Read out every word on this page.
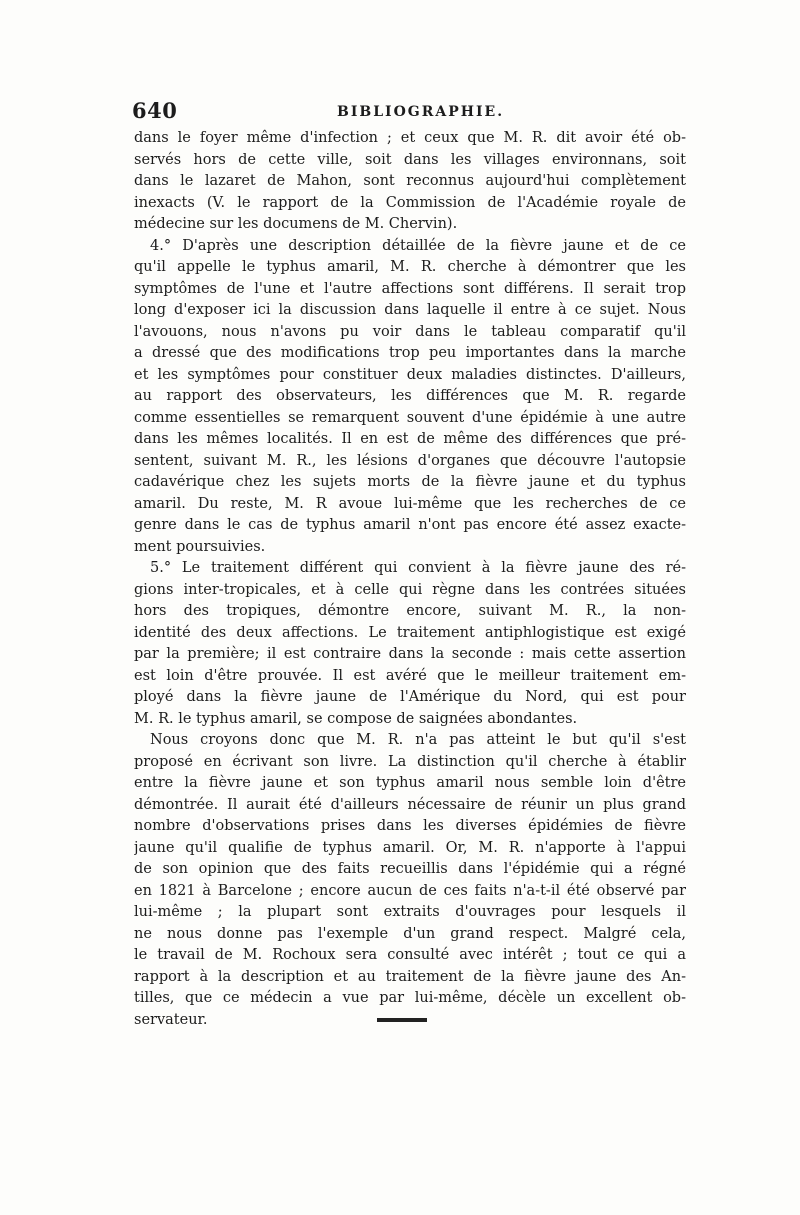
640	BIBLIOGRAPHIE.
dans le foyer même d'infection ; et ceux que M. R. dit avoir été ob-
servés hors de cette ville, soit dans les villages environnans, soit
dans le lazaret de Mahon, sont reconnus aujourd'hui complètement
inexacts (V. le rapport de la Commission de l'Académie royale de
médecine sur les documens de M. Chervin).
4.° D'après une description détaillée de la fièvre jaune et de ce
qu'il appelle le typhus amaril, M. R. cherche à démontrer que les
symptômes de l'une et l'autre affections sont différens. Il serait trop
long d'exposer ici la discussion dans laquelle il entre à ce sujet. Nous
l'avouons, nous n'avons pu voir dans le tableau comparatif qu'il
a dressé que des modifications trop peu importantes dans la marche
et les symptômes pour constituer deux maladies distinctes. D'ailleurs,
au rapport des observateurs, les différences que M. R. regarde
comme essentielles se remarquent souvent d'une épidémie à une autre
dans les mêmes localités. Il en est de même des différences que pré-
sentent, suivant M. R., les lésions d'organes que découvre l'autopsie
cadavérique chez les sujets morts de la fièvre jaune et du typhus
amaril. Du reste, M. R avoue lui-même que les recherches de ce
genre dans le cas de typhus amaril n'ont pas encore été assez exacte-
ment poursuivies.
5.° Le traitement différent qui convient à la fièvre jaune des ré-
gions inter-tropicales, et à celle qui règne dans les contrées situées
hors des tropiques, démontre encore, suivant M. R., la non-
identité des deux affections. Le traitement antiphlogistique est exigé
par la première; il est contraire dans la seconde : mais cette assertion
est loin d'être prouvée. Il est avéré que le meilleur traitement em-
ployé dans la fièvre jaune de l'Amérique du Nord, qui est pour
M. R. le typhus amaril, se compose de saignées abondantes.
Nous croyons donc que M. R. n'a pas atteint le but qu'il s'est
proposé en écrivant son livre. La distinction qu'il cherche à établir
entre la fièvre jaune et son typhus amaril nous semble loin d'être
démontrée. Il aurait été d'ailleurs nécessaire de réunir un plus grand
nombre d'observations prises dans les diverses épidémies de fièvre
jaune qu'il qualifie de typhus amaril. Or, M. R. n'apporte à l'appui
de son opinion que des faits recueillis dans l'épidémie qui a régné
en 1821 à Barcelone ; encore aucun de ces faits n'a-t-il été observé par
lui-même ; la plupart sont extraits d'ouvrages pour lesquels il
ne nous donne pas l'exemple d'un grand respect. Malgré cela,
le travail de M. Rochoux sera consulté avec intérêt ; tout ce qui a
rapport à la description et au traitement de la fièvre jaune des An-
tilles, que ce médecin a vue par lui-même, décèle un excellent ob-
servateur.
